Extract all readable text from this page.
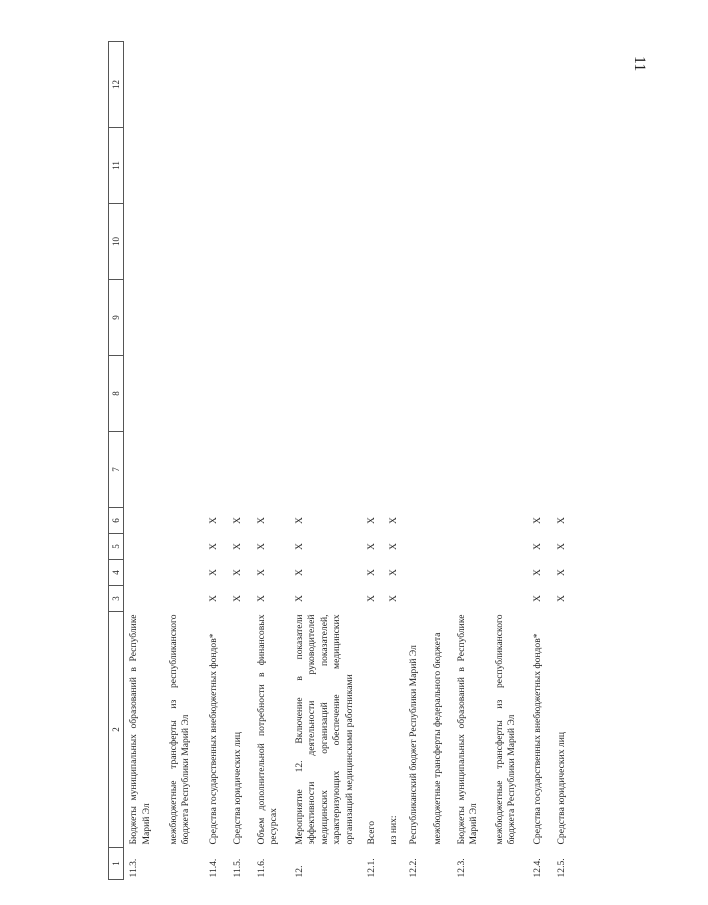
11
1	2	3	4	5	6	7	8	9	10	11	12
11.3.	Бюджеты муниципальных образований в Республике Марий Эл										
	межбюджетные трансферты из республиканского бюджета Республики Марий Эл										
11.4.	Средства государственных внебюджетных фондов*	X	X	X	X						
11.5.	Средства юридических лиц	X	X	X	X						
11.6.	Объем дополнительной потребности в финансовых ресурсах	X	X	X	X						
12.	Мероприятие 12. Включение в показатели эффективности деятельности руководителей медицинских организаций показателей, характеризующих обеспечение медицинских организаций медицинскими работниками	X	X	X	X						
12.1.	Всего	X	X	X	X						
	из них:	X	X	X	X						
12.2.	Республиканский бюджет Республики Марий Эл										
	межбюджетные трансферты федерального бюджета										
12.3.	Бюджеты муниципальных образований в Республике Марий Эл										
	межбюджетные трансферты из республиканского бюджета Республики Марий Эл										
12.4.	Средства государственных внебюджетных фондов*	X	X	X	X						
12.5.	Средства юридических лиц	X	X	X	X						
